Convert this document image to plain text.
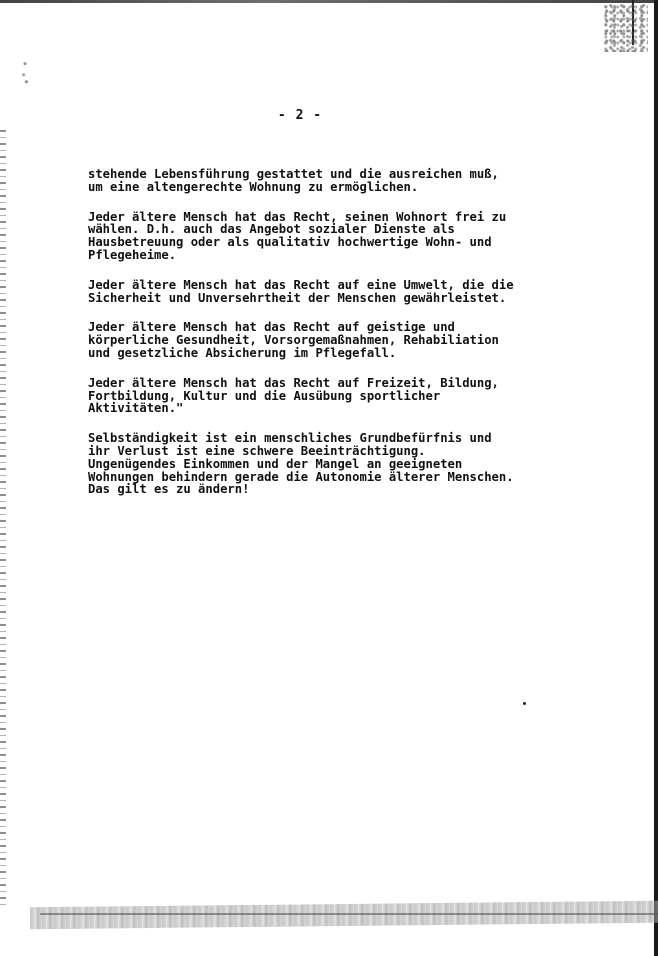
- 2 -
stehende Lebensführung gestattet und die ausreichen muß,
um eine altengerechte Wohnung zu ermöglichen.
Jeder ältere Mensch hat das Recht, seinen Wohnort frei zu
wählen. D.h. auch das Angebot sozialer Dienste als
Hausbetreuung oder als qualitativ hochwertige Wohn- und
Pflegeheime.
Jeder ältere Mensch hat das Recht auf eine Umwelt, die die
Sicherheit und Unversehrtheit der Menschen gewährleistet.
Jeder ältere Mensch hat das Recht auf geistige und
körperliche Gesundheit, Vorsorgemaßnahmen, Rehabiliation
und gesetzliche Absicherung im Pflegefall.
Jeder ältere Mensch hat das Recht auf Freizeit, Bildung,
Fortbildung, Kultur und die Ausübung sportlicher
Aktivitäten."
Selbständigkeit ist ein menschliches Grundbefürfnis und
ihr Verlust ist eine schwere Beeinträchtigung.
Ungenügendes Einkommen und der Mangel an geeigneten
Wohnungen behindern gerade die Autonomie älterer Menschen.
Das gilt es zu ändern!
